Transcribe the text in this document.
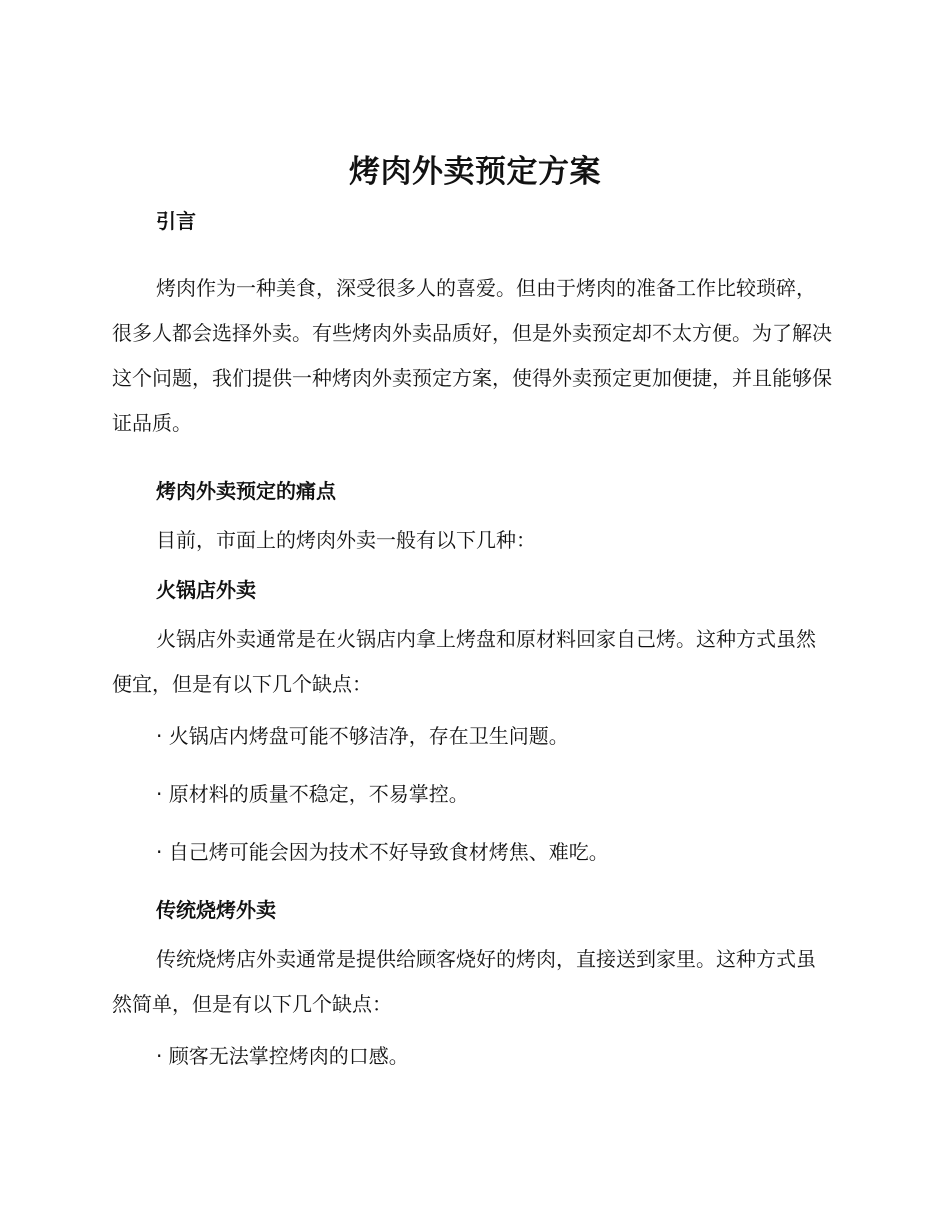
烤肉外卖预定方案

引言

烤肉作为一种美食，深受很多人的喜爱。但由于烤肉的准备工作比较琐碎，很多人都会选择外卖。有些烤肉外卖品质好，但是外卖预定却不太方便。为了解决这个问题，我们提供一种烤肉外卖预定方案，使得外卖预定更加便捷，并且能够保证品质。

烤肉外卖预定的痛点

目前，市面上的烤肉外卖一般有以下几种：

火锅店外卖

火锅店外卖通常是在火锅店内拿上烤盘和原材料回家自己烤。这种方式虽然便宜，但是有以下几个缺点：

· 火锅店内烤盘可能不够洁净，存在卫生问题。

· 原材料的质量不稳定，不易掌控。

· 自己烤可能会因为技术不好导致食材烤焦、难吃。

传统烧烤外卖

传统烧烤店外卖通常是提供给顾客烧好的烤肉，直接送到家里。这种方式虽然简单，但是有以下几个缺点：

· 顾客无法掌控烤肉的口感。
